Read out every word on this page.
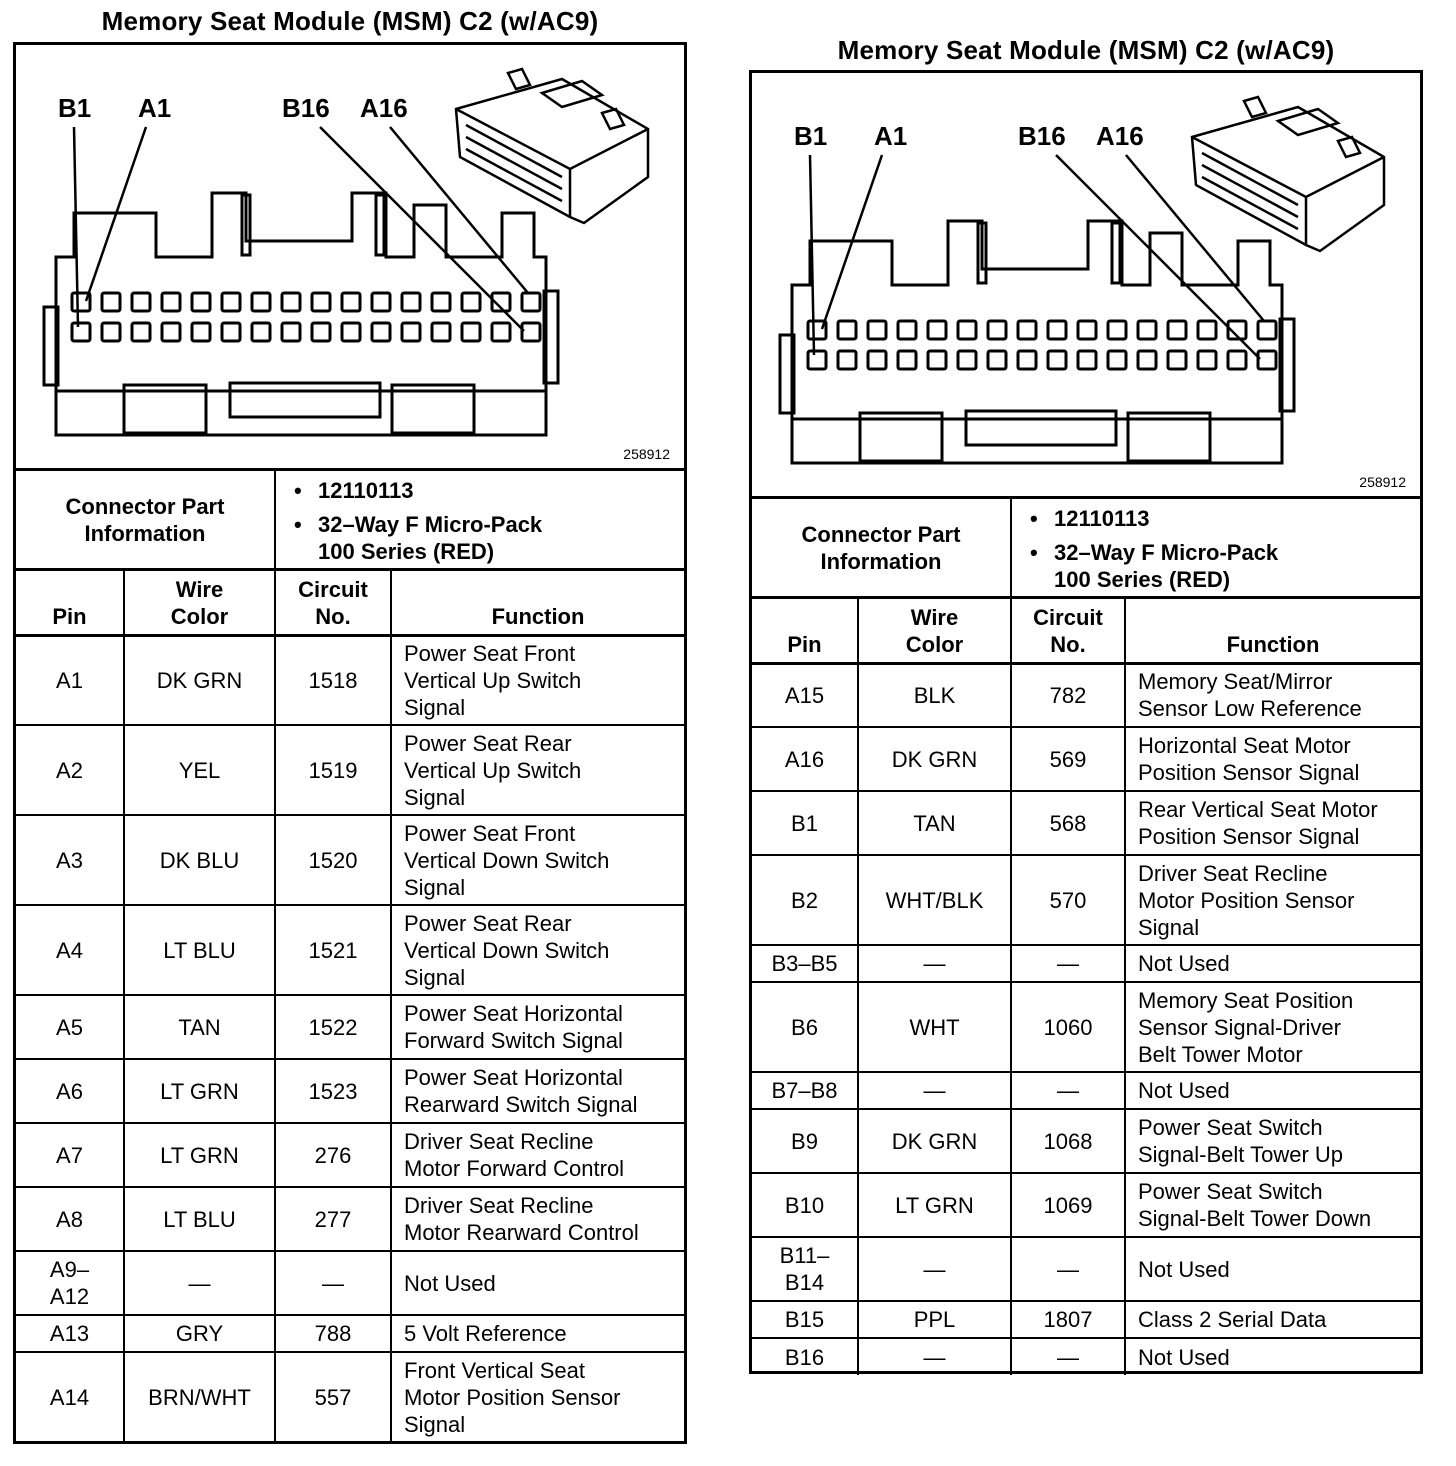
Memory Seat Module (MSM) C2 (w/AC9)
B1 A1	B16 A16
258912
Connector Part
Information
• 12110113
• 32–Way F Micro-Pack
100 Series (RED)
Pin	Wire
Color	Circuit
No.	Function

A1	DK GRN	1518	Power Seat Front
Vertical Up Switch
Signal

A2	YEL	1519	Power Seat Rear
Vertical Up Switch
Signal

A3	DK BLU	1520	Power Seat Front
Vertical Down Switch
Signal

A4	LT BLU	1521	Power Seat Rear
Vertical Down Switch
Signal

A5	TAN	1522	Power Seat Horizontal
Forward Switch Signal

A6	LT GRN	1523	Power Seat Horizontal
Rearward Switch Signal

A7	LT GRN	276	Driver Seat Recline
Motor Forward Control

A8	LT BLU	277	Driver Seat Recline
Motor Rearward Control

A9–
A12	—	—	Not Used

A13	GRY	788	5 Volt Reference

A14	BRN/WHT	557	Front Vertical Seat
Motor Position Sensor
Signal
Memory Seat Module (MSM) C2 (w/AC9)
B1 A1	B16 A16
258912
Connector Part
Information
• 12110113
• 32–Way F Micro-Pack
100 Series (RED)
Pin	Wire
Color	Circuit
No.	Function

A15	BLK	782	Memory Seat/Mirror
Sensor Low Reference

A16	DK GRN	569	Horizontal Seat Motor
Position Sensor Signal

B1	TAN	568	Rear Vertical Seat Motor
Position Sensor Signal

B2	WHT/BLK	570	Driver Seat Recline
Motor Position Sensor
Signal

B3–B5	—	—	Not Used

B6	WHT	1060	Memory Seat Position
Sensor Signal-Driver
Belt Tower Motor

B7–B8	—	—	Not Used

B9	DK GRN	1068	Power Seat Switch
Signal-Belt Tower Up

B10	LT GRN	1069	Power Seat Switch
Signal-Belt Tower Down

B11–
B14	—	—	Not Used

B15	PPL	1807	Class 2 Serial Data

B16	—	—	Not Used
